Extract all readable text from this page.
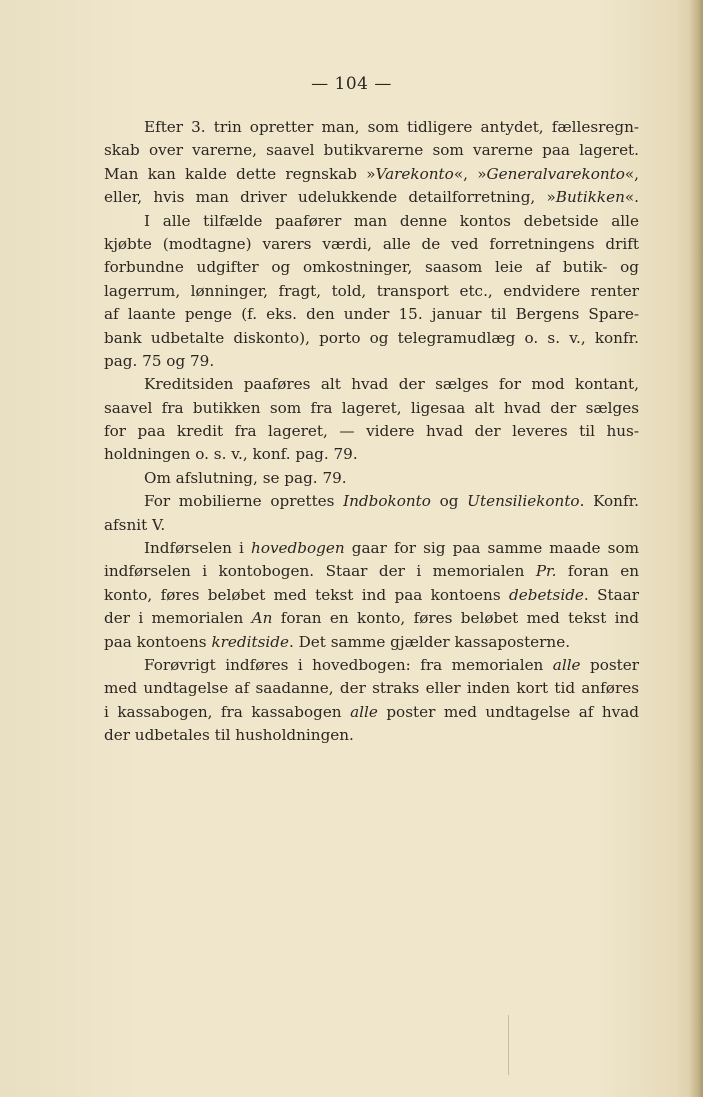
— 104 —
Efter 3. trin opretter man, som tidligere antydet, fællesregn-
skab over varerne, saavel butikvarerne som varerne paa lageret.
Man kan kalde dette regnskab »Varekonto«, »Generalvarekonto«,
eller, hvis man driver udelukkende detailforretning, »Butikken«.
I alle tilfælde paafører man denne kontos debetside alle
kjøbte (modtagne) varers værdi, alle de ved forretningens drift
forbundne udgifter og omkostninger, saasom leie af butik- og
lagerrum, lønninger, fragt, told, transport etc., endvidere renter
af laante penge (f. eks. den under 15. januar til Bergens Spare-
bank udbetalte diskonto), porto og telegramudlæg o. s. v., konfr.
pag. 75 og 79.
Kreditsiden paaføres alt hvad der sælges for mod kontant,
saavel fra butikken som fra lageret, ligesaa alt hvad der sælges
for paa kredit fra lageret, — videre hvad der leveres til hus-
holdningen o. s. v., konf. pag. 79.
Om afslutning, se pag. 79.
For mobilierne oprettes Indbokonto og Utensiliekonto. Konfr.
afsnit V.
Indførselen i hovedbogen gaar for sig paa samme maade som
indførselen i kontobogen. Staar der i memorialen Pr. foran en
konto, føres beløbet med tekst ind paa kontoens debetside. Staar
der i memorialen An foran en konto, føres beløbet med tekst ind
paa kontoens kreditside. Det samme gjælder kassaposterne.
Forøvrigt indføres i hovedbogen: fra memorialen alle poster
med undtagelse af saadanne, der straks eller inden kort tid anføres
i kassabogen, fra kassabogen alle poster med undtagelse af hvad
der udbetales til husholdningen.
